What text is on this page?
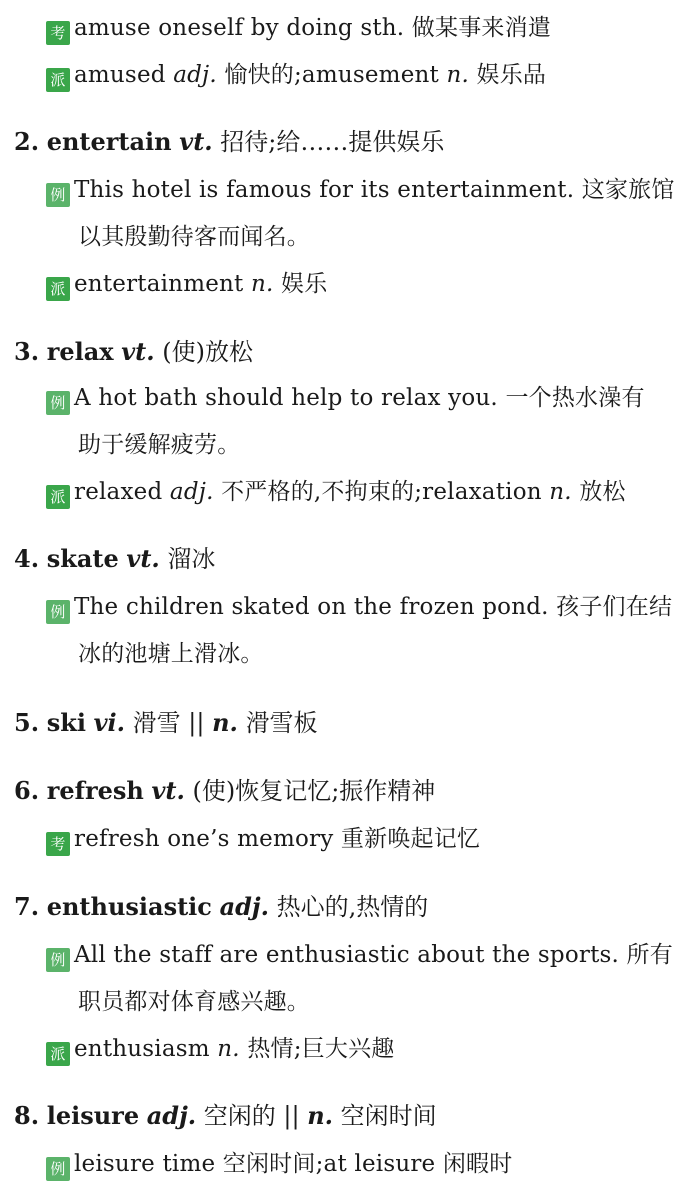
考 amuse oneself by doing sth. 做某事来消遣
派 amused adj. 愉快的;amusement n. 娱乐品
2. entertain vt. 招待;给……提供娱乐
例 This hotel is famous for its entertainment. 这家旅馆
以其殷勤待客而闻名。
派 entertainment n. 娱乐
3. relax vt. (使)放松
例 A hot bath should help to relax you. 一个热水澡有
助于缓解疲劳。
派 relaxed adj. 不严格的,不拘束的;relaxation n. 放松
4. skate vt. 溜冰
例 The children skated on the frozen pond. 孩子们在结
冰的池塘上滑冰。
5. ski vi. 滑雪 || n. 滑雪板
6. refresh vt. (使)恢复记忆;振作精神
考 refresh one’s memory 重新唤起记忆
7. enthusiastic adj. 热心的,热情的
例 All the staff are enthusiastic about the sports. 所有
职员都对体育感兴趣。
派 enthusiasm n. 热情;巨大兴趣
8. leisure adj. 空闲的 || n. 空闲时间
例 leisure time 空闲时间;at leisure 闲暇时
